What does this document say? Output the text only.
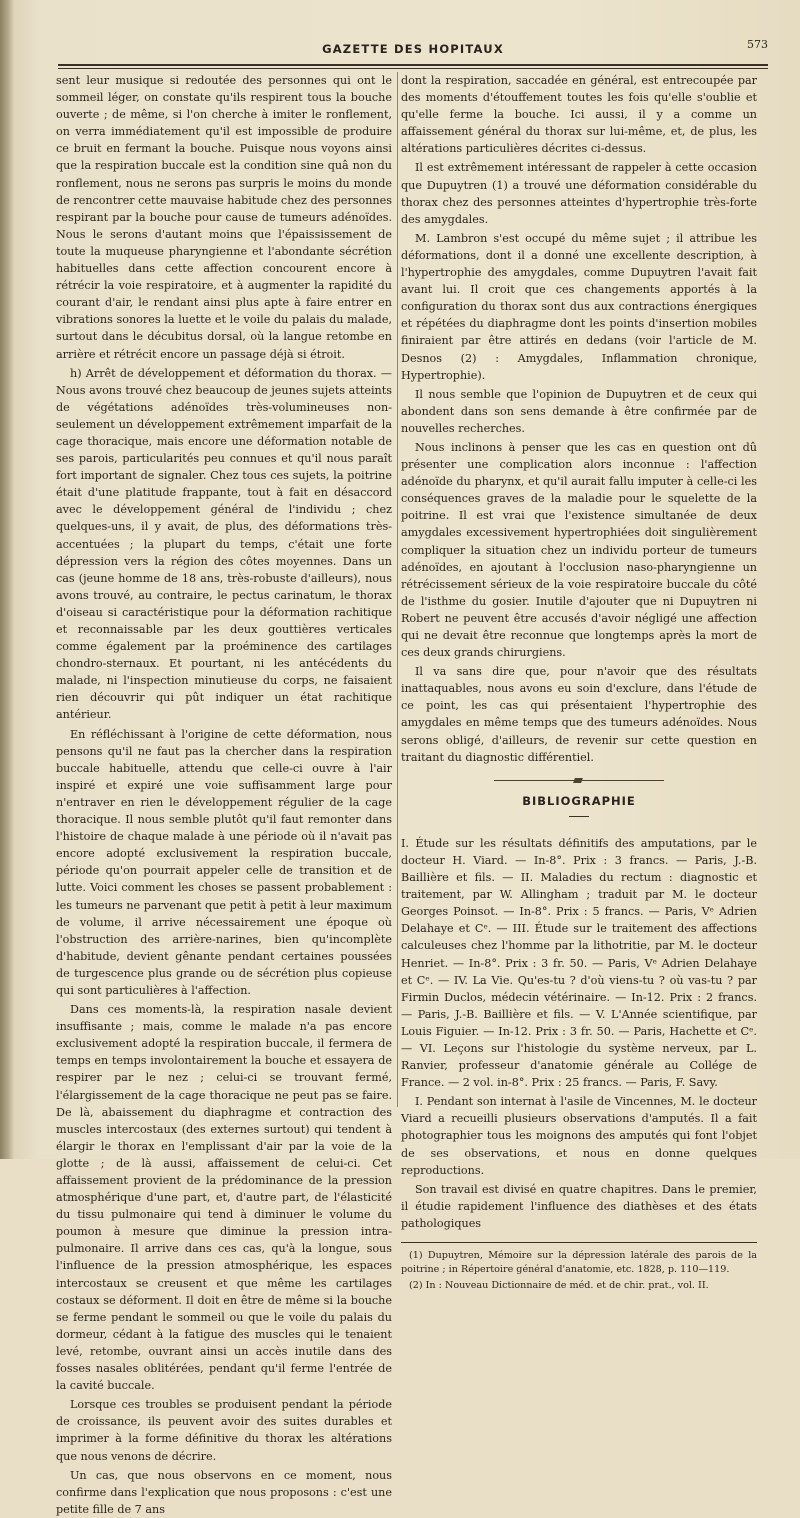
GAZETTE DES HOPITAUX	573

sent leur musique si redoutée des personnes qui ont le sommeil léger, on constate qu'ils respirent tous la bouche ouverte ; de même, si l'on cherche à imiter le ronflement, on verra immédiatement qu'il est impossible de produire ce bruit en fermant la bouche. Puisque nous voyons ainsi que la respiration buccale est la condition sine quâ non du ronflement, nous ne serons pas surpris le moins du monde de rencontrer cette mauvaise habitude chez des personnes respirant par la bouche pour cause de tumeurs adénoïdes. Nous le serons d'autant moins que l'épaississement de toute la muqueuse pharyngienne et l'abondante sécrétion habituelles dans cette affection concourent encore à rétrécir la voie respiratoire, et à augmenter la rapidité du courant d'air, le rendant ainsi plus apte à faire entrer en vibrations sonores la luette et le voile du palais du malade, surtout dans le décubitus dorsal, où la langue retombe en arrière et rétrécit encore un passage déjà si étroit.

h) Arrêt de développement et déformation du thorax. — Nous avons trouvé chez beaucoup de jeunes sujets atteints de végétations adénoïdes très-volumineuses non-seulement un développement extrêmement imparfait de la cage thoracique, mais encore une déformation notable de ses parois, particularités peu connues et qu'il nous paraît fort important de signaler. Chez tous ces sujets, la poitrine était d'une platitude frappante, tout à fait en désaccord avec le développement général de l'individu ; chez quelques-uns, il y avait, de plus, des déformations très-accentuées ; la plupart du temps, c'était une forte dépression vers la région des côtes moyennes. Dans un cas (jeune homme de 18 ans, très-robuste d'ailleurs), nous avons trouvé, au contraire, le pectus carinatum, le thorax d'oiseau si caractéristique pour la déformation rachitique et reconnaissable par les deux gouttières verticales comme également par la proéminence des cartilages chondro-sternaux. Et pourtant, ni les antécédents du malade, ni l'inspection minutieuse du corps, ne faisaient rien découvrir qui pût indiquer un état rachitique antérieur.

En réfléchissant à l'origine de cette déformation, nous pensons qu'il ne faut pas la chercher dans la respiration buccale habituelle, attendu que celle-ci ouvre à l'air inspiré et expiré une voie suffisamment large pour n'entraver en rien le développement régulier de la cage thoracique. Il nous semble plutôt qu'il faut remonter dans l'histoire de chaque malade à une période où il n'avait pas encore adopté exclusivement la respiration buccale, période qu'on pourrait appeler celle de transition et de lutte. Voici comment les choses se passent probablement : les tumeurs ne parvenant que petit à petit à leur maximum de volume, il arrive nécessairement une époque où l'obstruction des arrière-narines, bien qu'incomplète d'habitude, devient gênante pendant certaines poussées de turgescence plus grande ou de sécrétion plus copieuse qui sont particulières à l'affection.

Dans ces moments-là, la respiration nasale devient insuffisante ; mais, comme le malade n'a pas encore exclusivement adopté la respiration buccale, il fermera de temps en temps involontairement la bouche et essayera de respirer par le nez ; celui-ci se trouvant fermé, l'élargissement de la cage thoracique ne peut pas se faire. De là, abaissement du diaphragme et contraction des muscles intercostaux (des externes surtout) qui tendent à élargir le thorax en l'emplissant d'air par la voie de la glotte ; de là aussi, affaissement de celui-ci. Cet affaissement provient de la prédominance de la pression atmosphérique d'une part, et, d'autre part, de l'élasticité du tissu pulmonaire qui tend à diminuer le volume du poumon à mesure que diminue la pression intra-pulmonaire. Il arrive dans ces cas, qu'à la longue, sous l'influence de la pression atmosphérique, les espaces intercostaux se creusent et que même les cartilages costaux se déforment. Il doit en être de même si la bouche se ferme pendant le sommeil ou que le voile du palais du dormeur, cédant à la fatigue des muscles qui le tenaient levé, retombe, ouvrant ainsi un accès inutile dans des fosses nasales oblitérées, pendant qu'il ferme l'entrée de la cavité buccale.

Lorsque ces troubles se produisent pendant la période de croissance, ils peuvent avoir des suites durables et imprimer à la forme définitive du thorax les altérations que nous venons de décrire.

Un cas, que nous observons en ce moment, nous confirme dans l'explication que nous proposons : c'est une petite fille de 7 ans

dont la respiration, saccadée en général, est entrecoupée par des moments d'étouffement toutes les fois qu'elle s'oublie et qu'elle ferme la bouche. Ici aussi, il y a comme un affaissement général du thorax sur lui-même, et, de plus, les altérations particulières décrites ci-dessus.

Il est extrêmement intéressant de rappeler à cette occasion que Dupuytren (1) a trouvé une déformation considérable du thorax chez des personnes atteintes d'hypertrophie très-forte des amygdales.

M. Lambron s'est occupé du même sujet ; il attribue les déformations, dont il a donné une excellente description, à l'hypertrophie des amygdales, comme Dupuytren l'avait fait avant lui. Il croit que ces changements apportés à la configuration du thorax sont dus aux contractions énergiques et répétées du diaphragme dont les points d'insertion mobiles finiraient par être attirés en dedans (voir l'article de M. Desnos (2) : Amygdales, Inflammation chronique, Hypertrophie).

Il nous semble que l'opinion de Dupuytren et de ceux qui abondent dans son sens demande à être confirmée par de nouvelles recherches.

Nous inclinons à penser que les cas en question ont dû présenter une complication alors inconnue : l'affection adénoïde du pharynx, et qu'il aurait fallu imputer à celle-ci les conséquences graves de la maladie pour le squelette de la poitrine. Il est vrai que l'existence simultanée de deux amygdales excessivement hypertrophiées doit singulièrement compliquer la situation chez un individu porteur de tumeurs adénoïdes, en ajoutant à l'occlusion naso-pharyngienne un rétrécissement sérieux de la voie respiratoire buccale du côté de l'isthme du gosier. Inutile d'ajouter que ni Dupuytren ni Robert ne peuvent être accusés d'avoir négligé une affection qui ne devait être reconnue que longtemps après la mort de ces deux grands chirurgiens.

Il va sans dire que, pour n'avoir que des résultats inattaquables, nous avons eu soin d'exclure, dans l'étude de ce point, les cas qui présentaient l'hypertrophie des amygdales en même temps que des tumeurs adénoïdes. Nous serons obligé, d'ailleurs, de revenir sur cette question en traitant du diagnostic différentiel.

BIBLIOGRAPHIE

I. Étude sur les résultats définitifs des amputations, par le docteur H. Viard. — In-8°. Prix : 3 francs. — Paris, J.-B. Baillière et fils. — II. Maladies du rectum : diagnostic et traitement, par W. Allingham ; traduit par M. le docteur Georges Poinsot. — In-8°. Prix : 5 francs. — Paris, Vᵉ Adrien Delahaye et Cᵉ. — III. Étude sur le traitement des affections calculeuses chez l'homme par la lithotritie, par M. le docteur Henriet. — In-8°. Prix : 3 fr. 50. — Paris, Vᵉ Adrien Delahaye et Cᵉ. — IV. La Vie. Qu'es-tu ? d'où viens-tu ? où vas-tu ? par Firmin Duclos, médecin vétérinaire. — In-12. Prix : 2 francs. — Paris, J.-B. Baillière et fils. — V. L'Année scientifique, par Louis Figuier. — In-12. Prix : 3 fr. 50. — Paris, Hachette et Cᵉ. — VI. Leçons sur l'histologie du système nerveux, par L. Ranvier, professeur d'anatomie générale au Collége de France. — 2 vol. in-8°. Prix : 25 francs. — Paris, F. Savy.

I. Pendant son internat à l'asile de Vincennes, M. le docteur Viard a recueilli plusieurs observations d'amputés. Il a fait photographier tous les moignons des amputés qui font l'objet de ses observations, et nous en donne quelques reproductions.

Son travail est divisé en quatre chapitres. Dans le premier, il étudie rapidement l'influence des diathèses et des états pathologiques

(1) Dupuytren, Mémoire sur la dépression latérale des parois de la poitrine ; in Répertoire général d'anatomie, etc. 1828, p. 110—119.

(2) In : Nouveau Dictionnaire de méd. et de chir. prat., vol. II.
